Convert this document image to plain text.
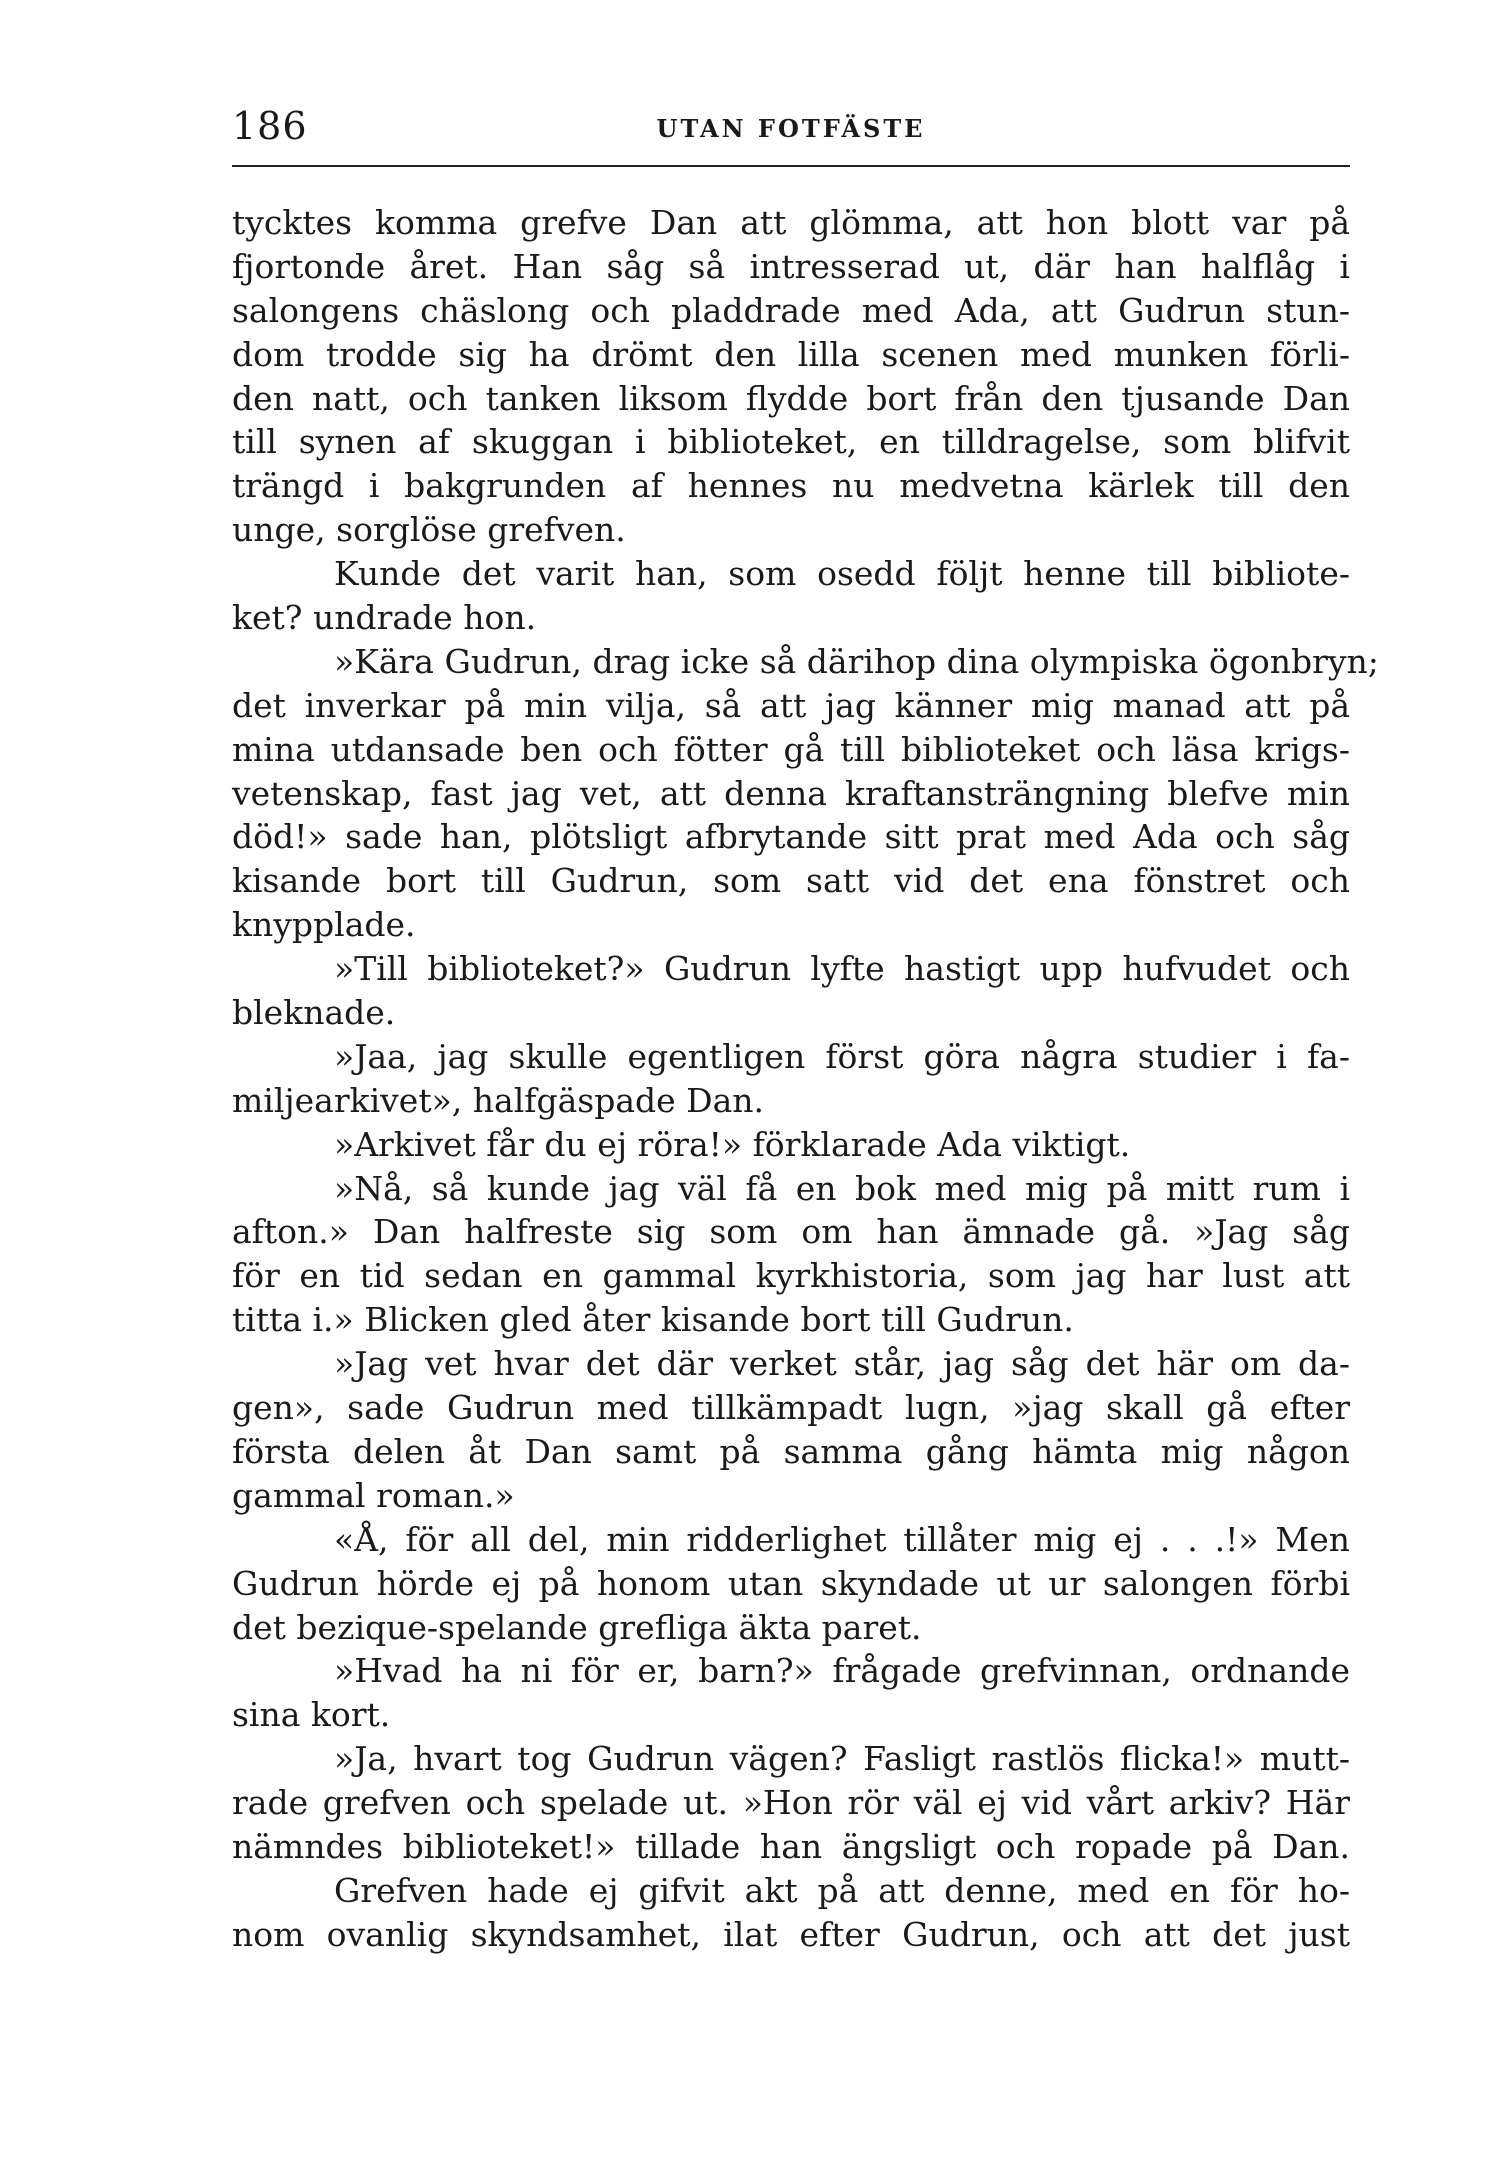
186	UTAN FOTFÄSTE
tycktes komma grefve Dan att glömma, att hon blott var på
fjortonde året. Han såg så intresserad ut, där han halflåg i
salongens chäslong och pladdrade med Ada, att Gudrun stun-
dom trodde sig ha drömt den lilla scenen med munken förli-
den natt, och tanken liksom flydde bort från den tjusande Dan
till synen af skuggan i biblioteket, en tilldragelse, som blifvit
trängd i bakgrunden af hennes nu medvetna kärlek till den
unge, sorglöse grefven.
Kunde det varit han, som osedd följt henne till bibliote-
ket? undrade hon.
»Kära Gudrun, drag icke så därihop dina olympiska ögonbryn;
det inverkar på min vilja, så att jag känner mig manad att på
mina utdansade ben och fötter gå till biblioteket och läsa krigs-
vetenskap, fast jag vet, att denna kraftansträngning blefve min
död!» sade han, plötsligt afbrytande sitt prat med Ada och såg
kisande bort till Gudrun, som satt vid det ena fönstret och
knypplade.
»Till biblioteket?» Gudrun lyfte hastigt upp hufvudet och
bleknade.
»Jaa, jag skulle egentligen först göra några studier i fa-
miljearkivet», halfgäspade Dan.
»Arkivet får du ej röra!» förklarade Ada viktigt.
»Nå, så kunde jag väl få en bok med mig på mitt rum i
afton.» Dan halfreste sig som om han ämnade gå. »Jag såg
för en tid sedan en gammal kyrkhistoria, som jag har lust att
titta i.» Blicken gled åter kisande bort till Gudrun.
»Jag vet hvar det där verket står, jag såg det här om da-
gen», sade Gudrun med tillkämpadt lugn, »jag skall gå efter
första delen åt Dan samt på samma gång hämta mig någon
gammal roman.»
«Å, för all del, min ridderlighet tillåter mig ej . . .!» Men
Gudrun hörde ej på honom utan skyndade ut ur salongen förbi
det bezique-spelande grefliga äkta paret.
»Hvad ha ni för er, barn?» frågade grefvinnan, ordnande
sina kort.
»Ja, hvart tog Gudrun vägen? Fasligt rastlös flicka!» mutt-
rade grefven och spelade ut. »Hon rör väl ej vid vårt arkiv? Här
nämndes biblioteket!» tillade han ängsligt och ropade på Dan.
Grefven hade ej gifvit akt på att denne, med en för ho-
nom ovanlig skyndsamhet, ilat efter Gudrun, och att det just
